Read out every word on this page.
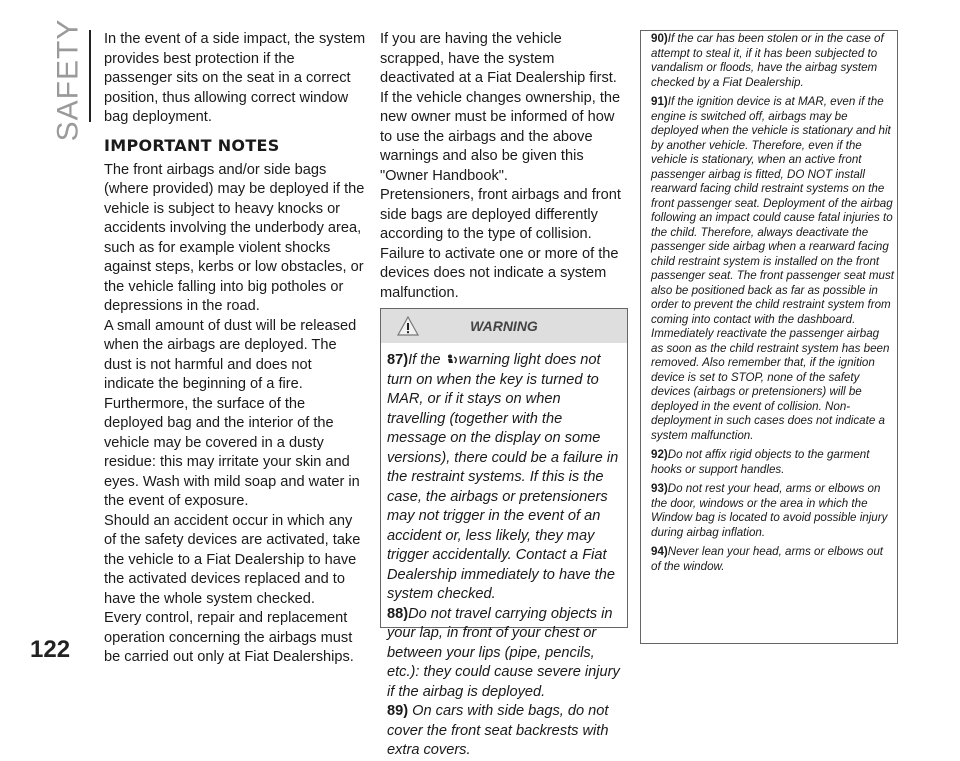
SAFETY
122

In the event of a side impact, the system provides best protection if the passenger sits on the seat in a correct position, thus allowing correct window bag deployment.

IMPORTANT NOTES

The front airbags and/or side bags (where provided) may be deployed if the vehicle is subject to heavy knocks or accidents involving the underbody area, such as for example violent shocks against steps, kerbs or low obstacles, or the vehicle falling into big potholes or depressions in the road.

A small amount of dust will be released when the airbags are deployed. The dust is not harmful and does not indicate the beginning of a fire.

Furthermore, the surface of the deployed bag and the interior of the vehicle may be covered in a dusty residue: this may irritate your skin and eyes. Wash with mild soap and water in the event of exposure.

Should an accident occur in which any of the safety devices are activated, take the vehicle to a Fiat Dealership to have the activated devices replaced and to have the whole system checked.

Every control, repair and replacement operation concerning the airbags must be carried out only at Fiat Dealerships.

If you are having the vehicle scrapped, have the system deactivated at a Fiat Dealership first. If the vehicle changes ownership, the new owner must be informed of how to use the airbags and the above warnings and also be given this "Owner Handbook".

Pretensioners, front airbags and front side bags are deployed differently according to the type of collision.

Failure to activate one or more of the devices does not indicate a system malfunction.

WARNING

87)If the warning light does not turn on when the key is turned to MAR, or if it stays on when travelling (together with the message on the display on some versions), there could be a failure in the restraint systems. If this is the case, the airbags or pretensioners may not trigger in the event of an accident or, less likely, they may trigger accidentally. Contact a Fiat Dealership immediately to have the system checked.

88)Do not travel carrying objects in your lap, in front of your chest or between your lips (pipe, pencils, etc.): they could cause severe injury if the airbag is deployed.

89) On cars with side bags, do not cover the front seat backrests with extra covers.

90)If the car has been stolen or in the case of attempt to steal it, if it has been subjected to vandalism or floods, have the airbag system checked by a Fiat Dealership.

91)If the ignition device is at MAR, even if the engine is switched off, airbags may be deployed when the vehicle is stationary and hit by another vehicle. Therefore, even if the vehicle is stationary, when an active front passenger airbag is fitted, DO NOT install rearward facing child restraint systems on the front passenger seat. Deployment of the airbag following an impact could cause fatal injuries to the child. Therefore, always deactivate the passenger side airbag when a rearward facing child restraint system is installed on the front passenger seat. The front passenger seat must also be positioned back as far as possible in order to prevent the child restraint system from coming into contact with the dashboard. Immediately reactivate the passenger airbag as soon as the child restraint system has been removed. Also remember that, if the ignition device is set to STOP, none of the safety devices (airbags or pretensioners) will be deployed in the event of collision. Non-deployment in such cases does not indicate a system malfunction.

92)Do not affix rigid objects to the garment hooks or support handles.

93)Do not rest your head, arms or elbows on the door, windows or the area in which the Window bag is located to avoid possible injury during airbag inflation.

94)Never lean your head, arms or elbows out of the window.
